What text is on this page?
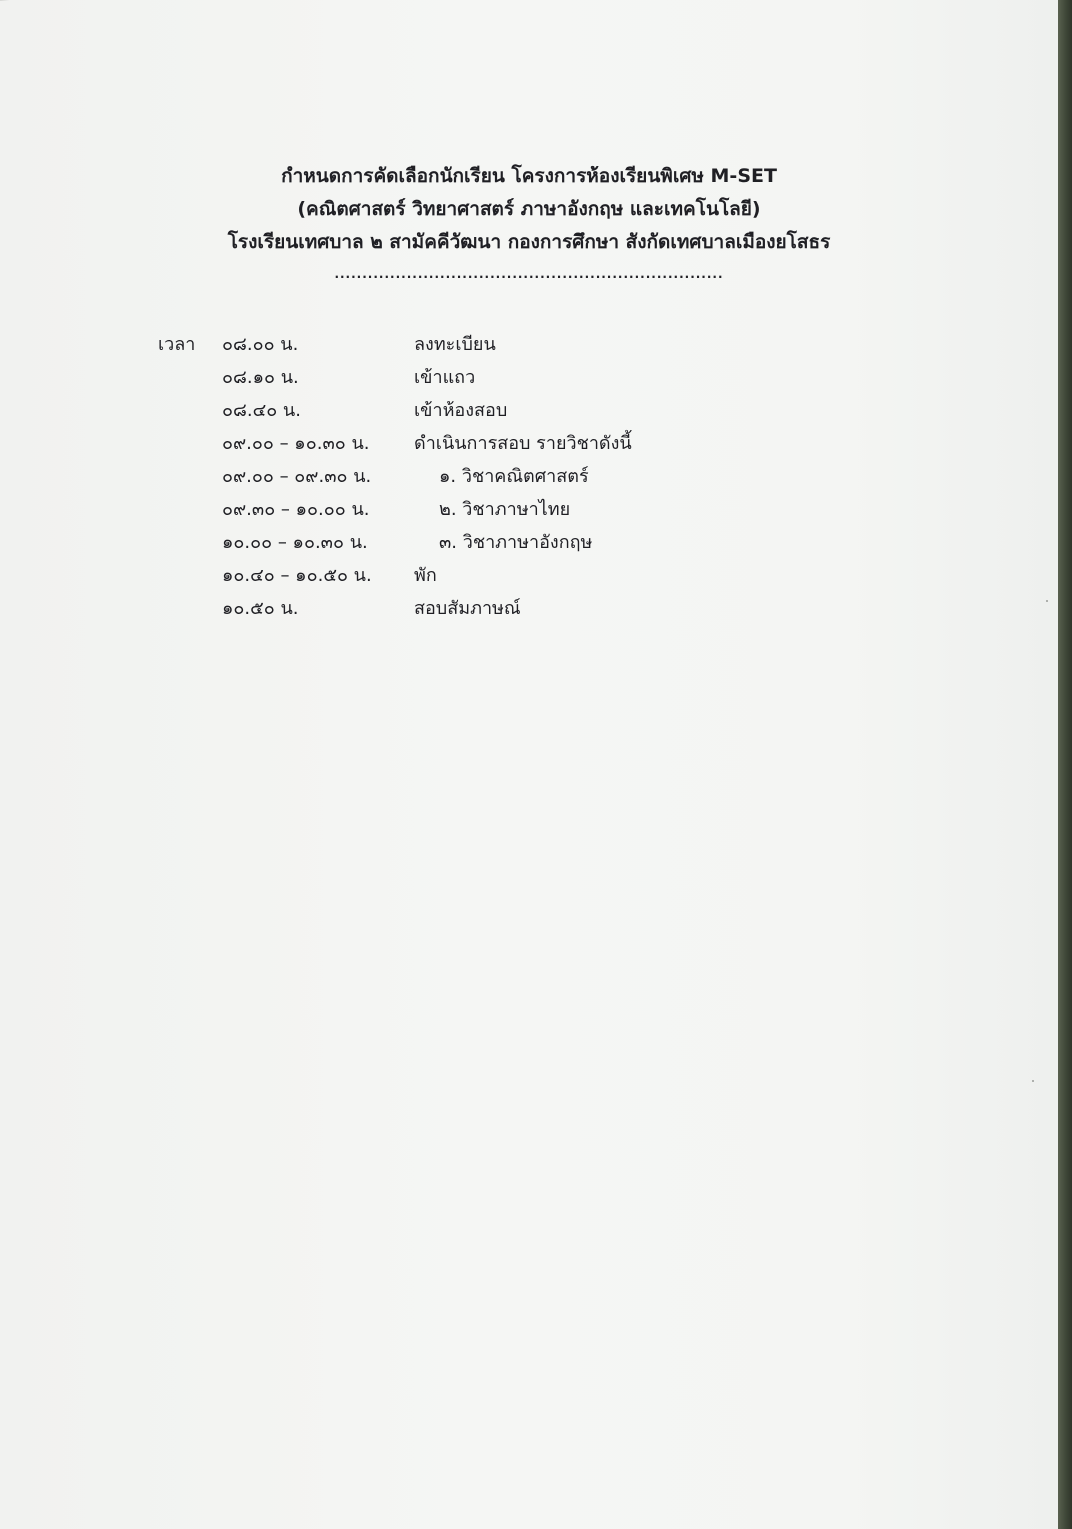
กำหนดการคัดเลือกนักเรียน โครงการห้องเรียนพิเศษ M-SET
(คณิตศาสตร์ วิทยาศาสตร์ ภาษาอังกฤษ และเทคโนโลยี)
โรงเรียนเทศบาล ๒ สามัคคีวัฒนา กองการศึกษา สังกัดเทศบาลเมืองยโสธร
......................................................................
เวลา ๐๘.๐๐ น.	ลงทะเบียน
๐๘.๑๐ น.	เข้าแถว
๐๘.๔๐ น.	เข้าห้องสอบ
๐๙.๐๐ – ๑๐.๓๐ น. ดำเนินการสอบ รายวิชาดังนี้
๐๙.๐๐ – ๐๙.๓๐ น.	๑. วิชาคณิตศาสตร์
๐๙.๓๐ – ๑๐.๐๐ น.	๒. วิชาภาษาไทย
๑๐.๐๐ – ๑๐.๓๐ น.	๓. วิชาภาษาอังกฤษ
๑๐.๔๐ – ๑๐.๕๐ น. พัก
๑๐.๕๐ น.	สอบสัมภาษณ์
